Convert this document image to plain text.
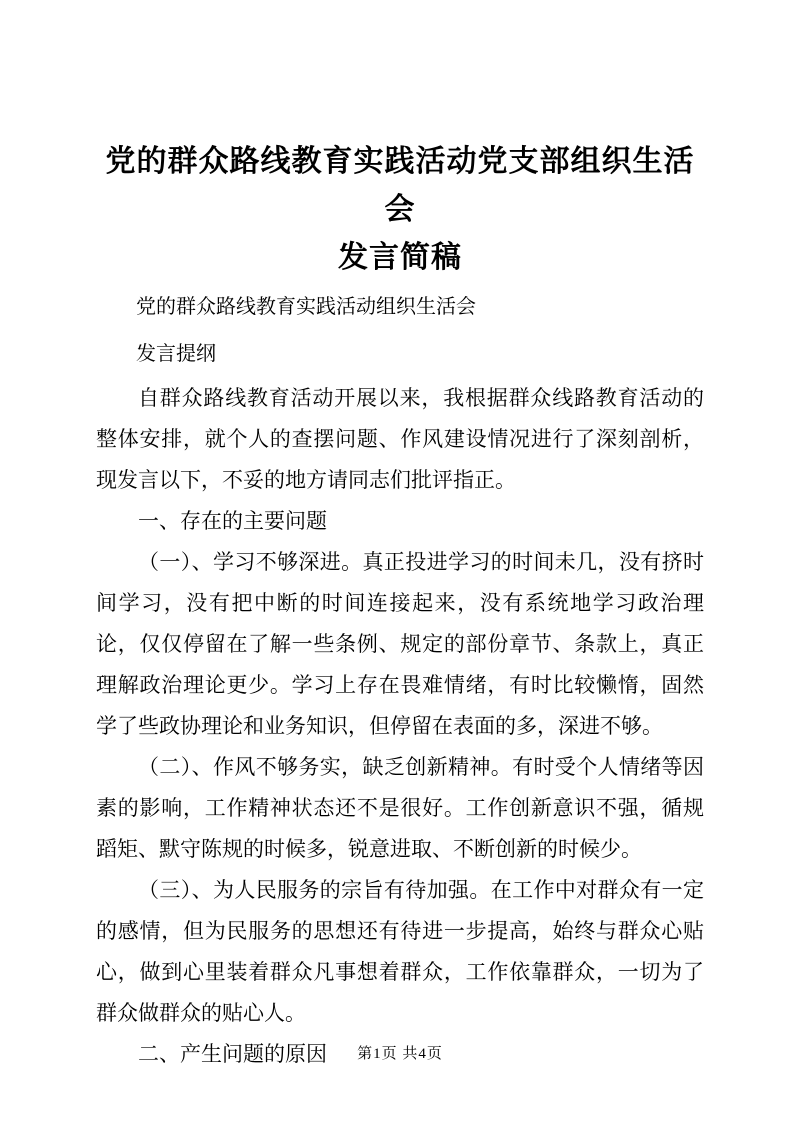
党的群众路线教育实践活动党支部组织生活会
发言简稿

党的群众路线教育实践活动组织生活会

发言提纲

自群众路线教育活动开展以来，我根据群众线路教育活动的整体安排，就个人的查摆问题、作风建设情况进行了深刻剖析，现发言以下，不妥的地方请同志们批评指正。

一、存在的主要问题

（一）、学习不够深进。真正投进学习的时间未几，没有挤时间学习，没有把中断的时间连接起来，没有系统地学习政治理论，仅仅停留在了解一些条例、规定的部份章节、条款上，真正理解政治理论更少。学习上存在畏难情绪，有时比较懒惰，固然学了些政协理论和业务知识，但停留在表面的多，深进不够。

（二）、作风不够务实，缺乏创新精神。有时受个人情绪等因素的影响，工作精神状态还不是很好。工作创新意识不强，循规蹈矩、默守陈规的时候多，锐意进取、不断创新的时候少。

（三）、为人民服务的宗旨有待加强。在工作中对群众有一定的感情，但为民服务的思想还有待进一步提高，始终与群众心贴心，做到心里装着群众凡事想着群众，工作依靠群众，一切为了群众做群众的贴心人。

二、产生问题的原因	第1页 共4页
